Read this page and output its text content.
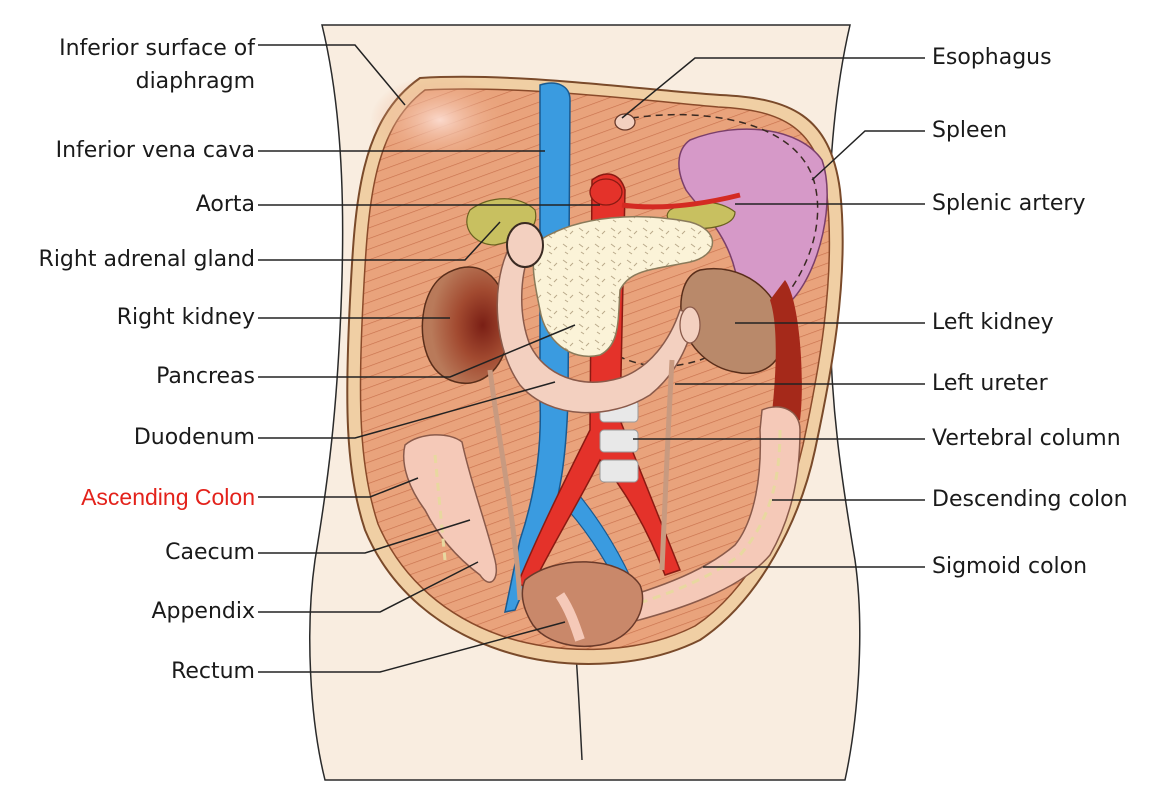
Inferior surface of
diaphragm
Inferior vena cava
Aorta
Right adrenal gland
Right kidney
Pancreas
Duodenum
Ascending Colon
Caecum
Appendix
Rectum
Esophagus
Spleen
Splenic artery
Left kidney
Left ureter
Vertebral column
Descending colon
Sigmoid colon
